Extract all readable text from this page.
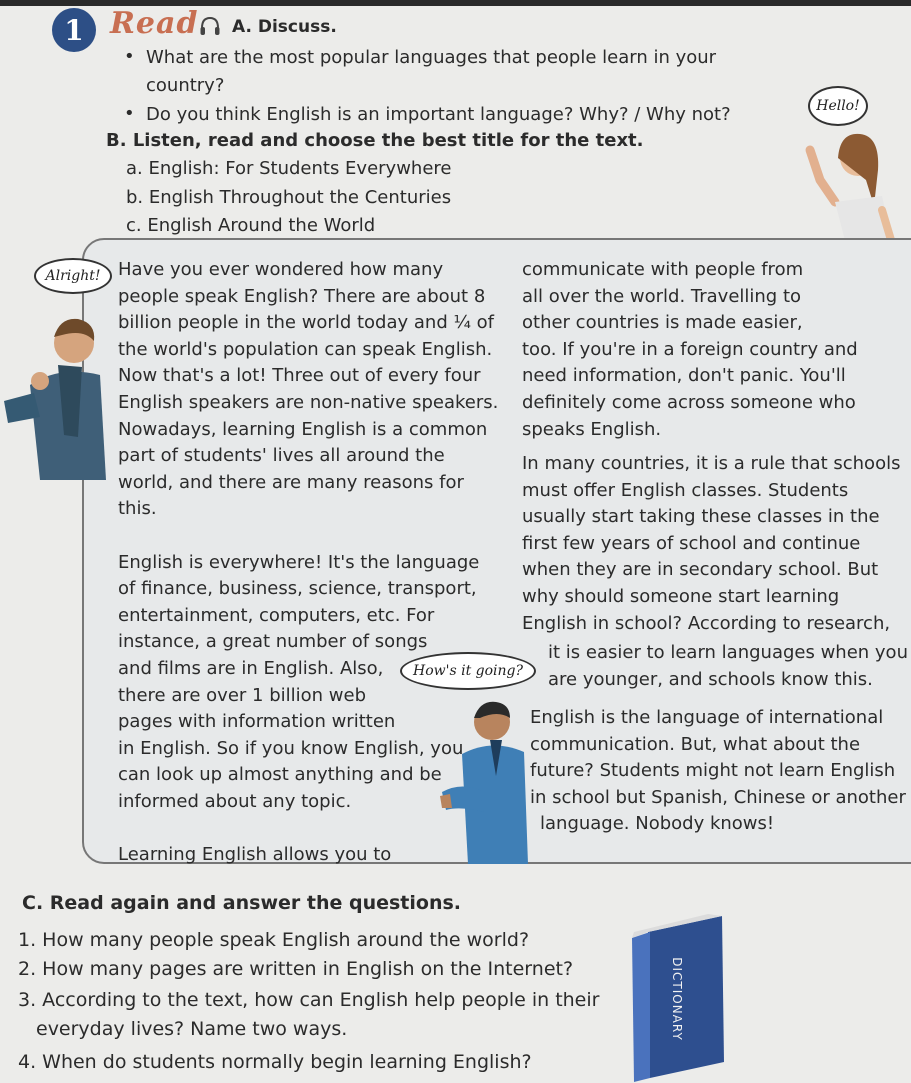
1 Read A. Discuss.
• What are the most popular languages that people learn in your
country?
• Do you think English is an important language? Why? / Why not?
B. Listen, read and choose the best title for the text.
a. English: For Students Everywhere
b. English Throughout the Centuries
c. English Around the World
Hello!
Alright! Have you ever wondered how many
people speak English? There are about 8
billion people in the world today and ¼ of
the world's population can speak English.
Now that's a lot! Three out of every four
English speakers are non-native speakers.
Nowadays, learning English is a common
part of students' lives all around the
world, and there are many reasons for
this.
English is everywhere! It's the language
of finance, business, science, transport,
entertainment, computers, etc. For
instance, a great number of songs
and films are in English. Also,
there are over 1 billion web
pages with information written
in English. So if you know English, you
can look up almost anything and be
informed about any topic.
Learning English allows you to
communicate with people from
all over the world. Travelling to
other countries is made easier,
too. If you're in a foreign country and
need information, don't panic. You'll
definitely come across someone who
speaks English.
In many countries, it is a rule that schools
must offer English classes. Students
usually start taking these classes in the
first few years of school and continue
when they are in secondary school. But
why should someone start learning
English in school? According to research,
it is easier to learn languages when you
are younger, and schools know this.
How's it going?
English is the language of international
communication. But, what about the
future? Students might not learn English
in school but Spanish, Chinese or another
language. Nobody knows!
C. Read again and answer the questions.
1. How many people speak English around the world?
2. How many pages are written in English on the Internet?
3. According to the text, how can English help people in their
everyday lives? Name two ways.
4. When do students normally begin learning English?
DICTIONARY
